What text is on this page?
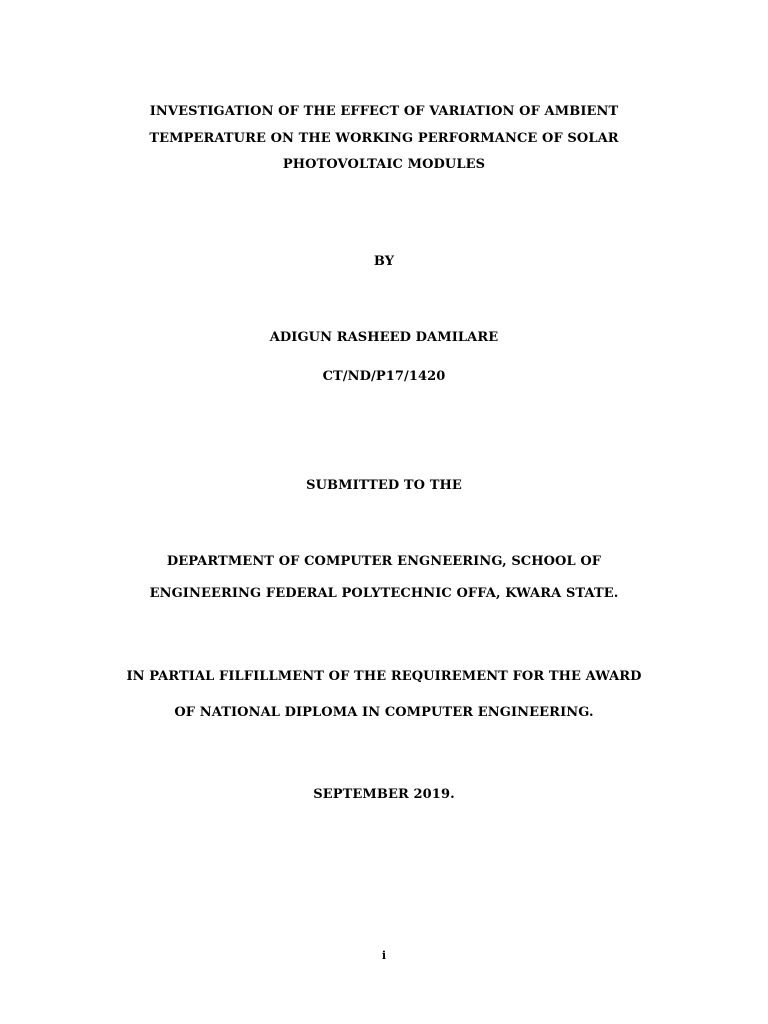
INVESTIGATION OF THE EFFECT OF VARIATION OF AMBIENT
TEMPERATURE ON THE WORKING PERFORMANCE OF SOLAR
PHOTOVOLTAIC MODULES
BY
ADIGUN RASHEED DAMILARE
CT/ND/P17/1420
SUBMITTED TO THE
DEPARTMENT OF COMPUTER ENGNEERING, SCHOOL OF
ENGINEERING FEDERAL POLYTECHNIC OFFA, KWARA STATE.
IN PARTIAL FILFILLMENT OF THE REQUIREMENT FOR THE AWARD
OF NATIONAL DIPLOMA IN COMPUTER ENGINEERING.
SEPTEMBER 2019.
i
